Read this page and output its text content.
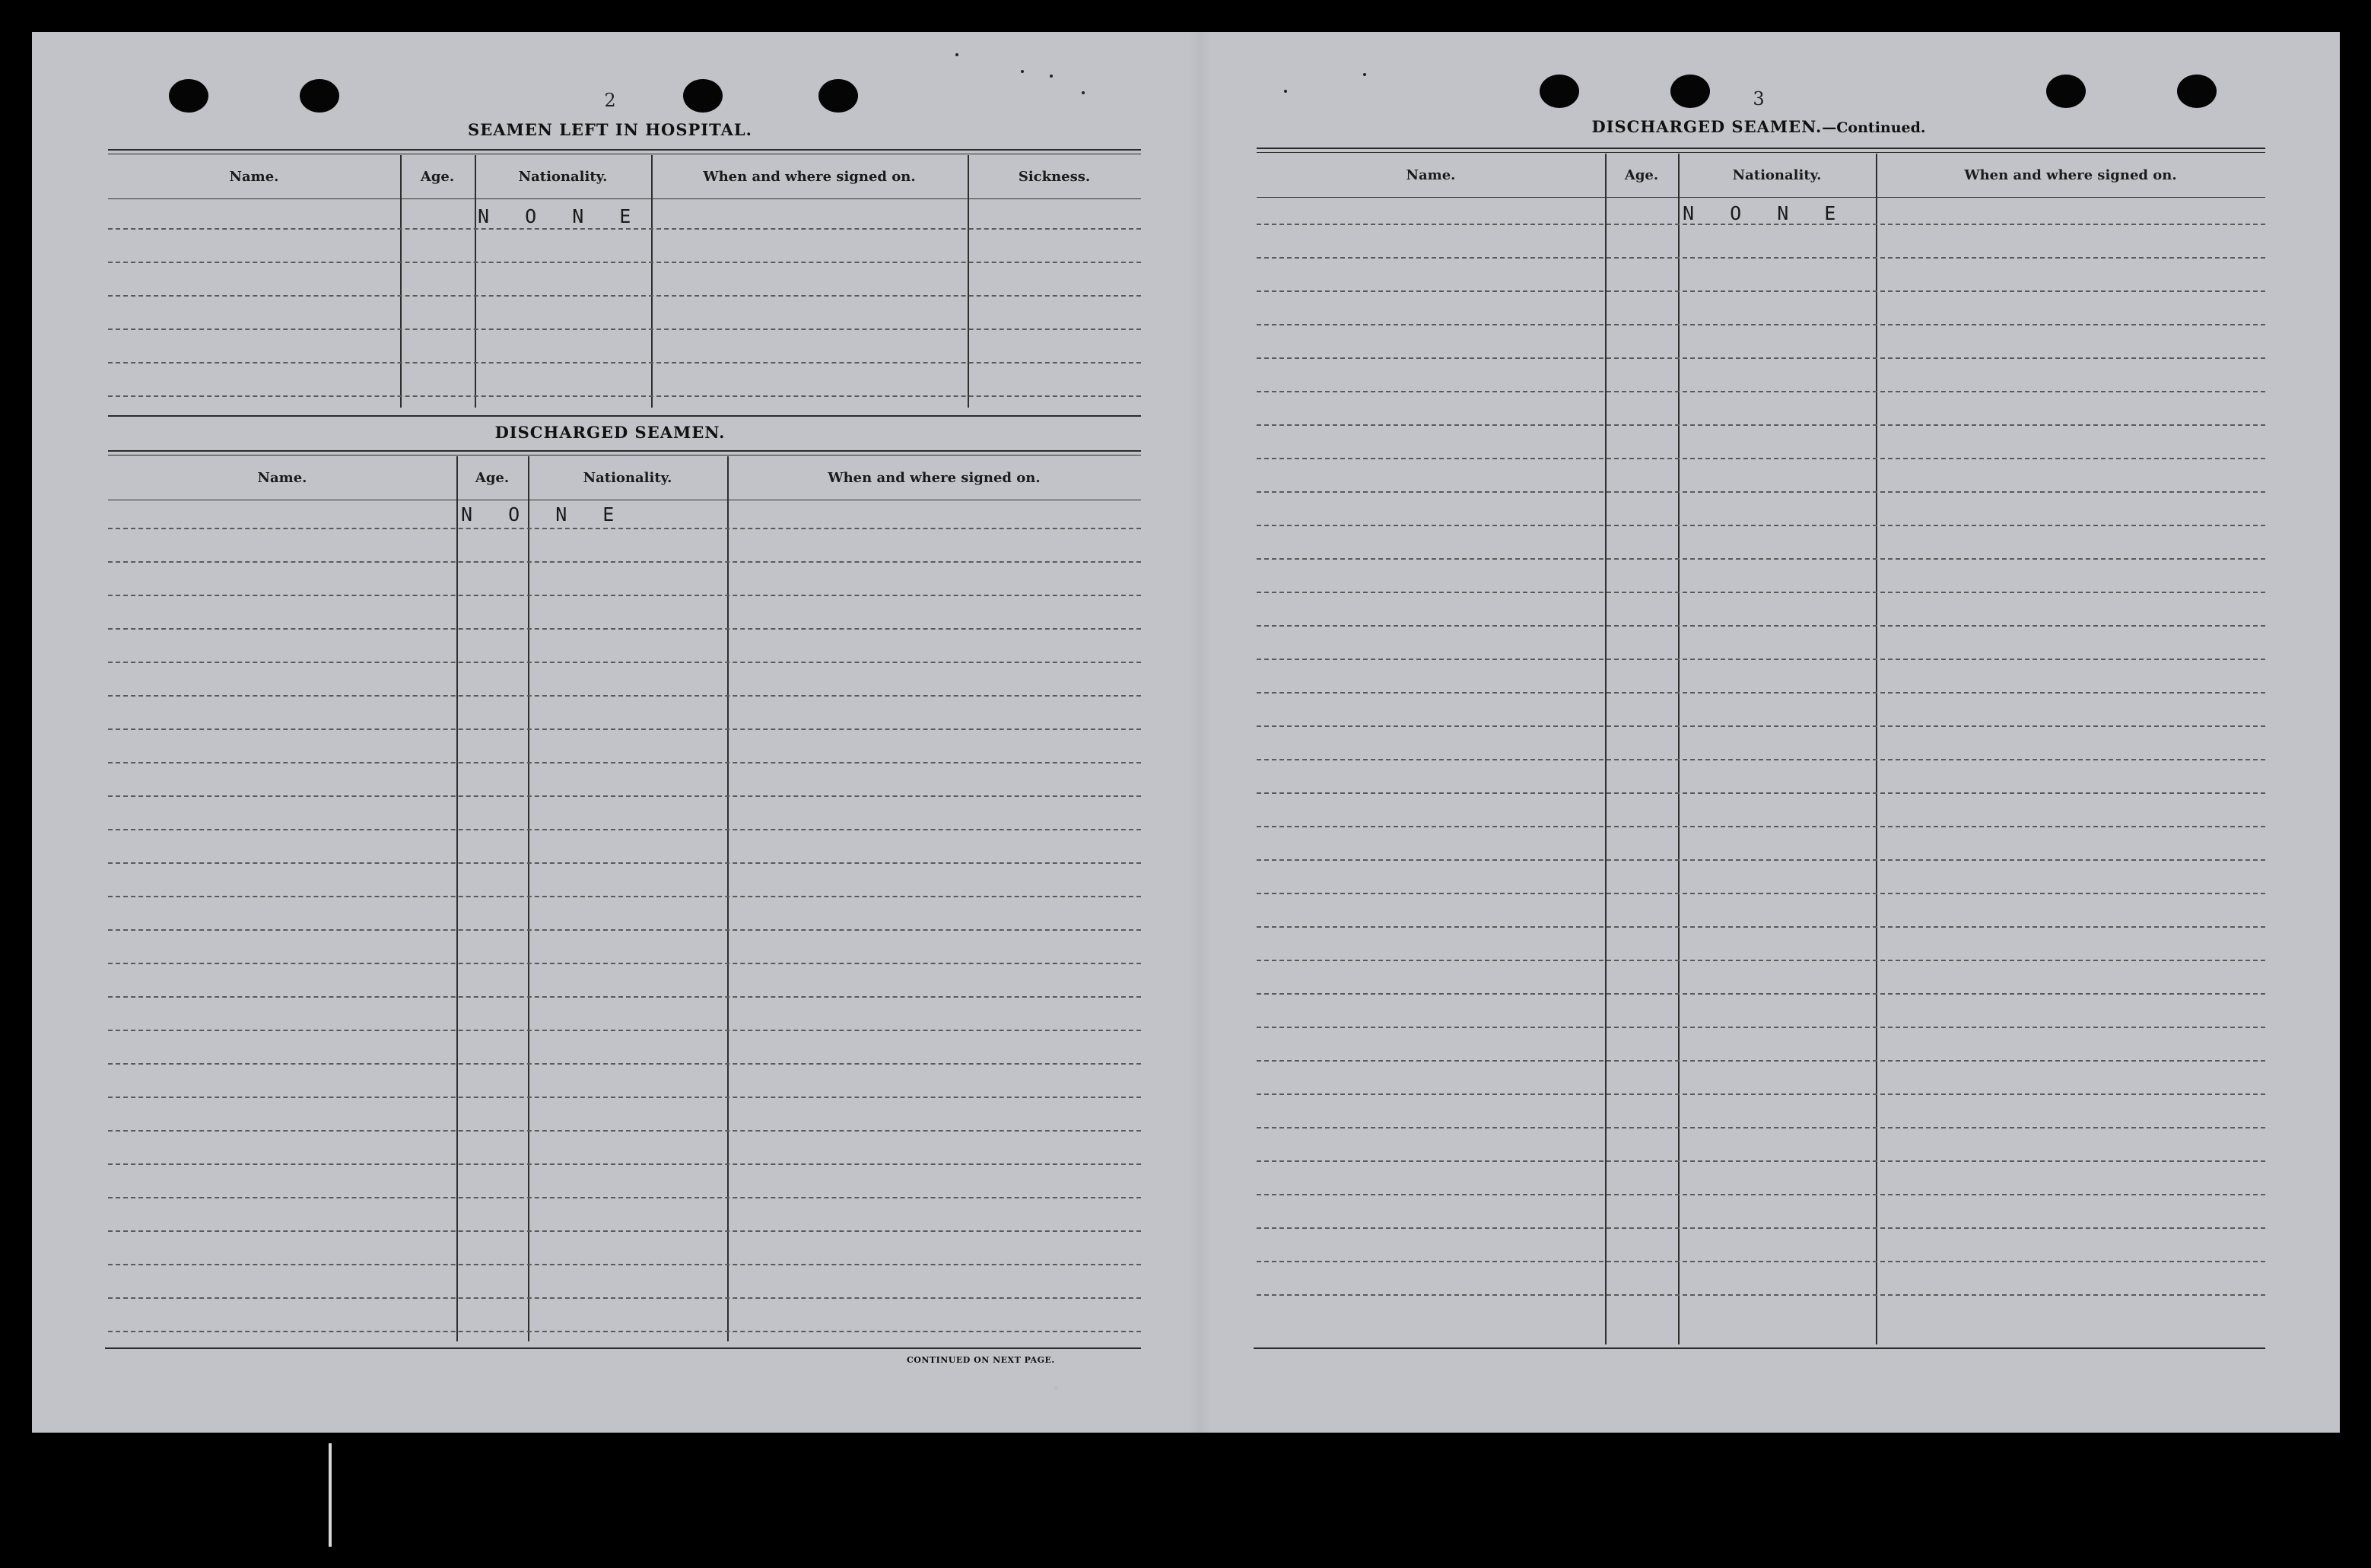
2
SEAMEN LEFT IN HOSPITAL.
Name.	Age.	Nationality.	When and where signed on.	Sickness.
N O N E
DISCHARGED SEAMEN.
Name.	Age.	Nationality.	When and where signed on.
N O N E
CONTINUED ON NEXT PAGE.
3
DISCHARGED SEAMEN.—Continued.
Name.	Age.	Nationality.	When and where signed on.
N O N E
